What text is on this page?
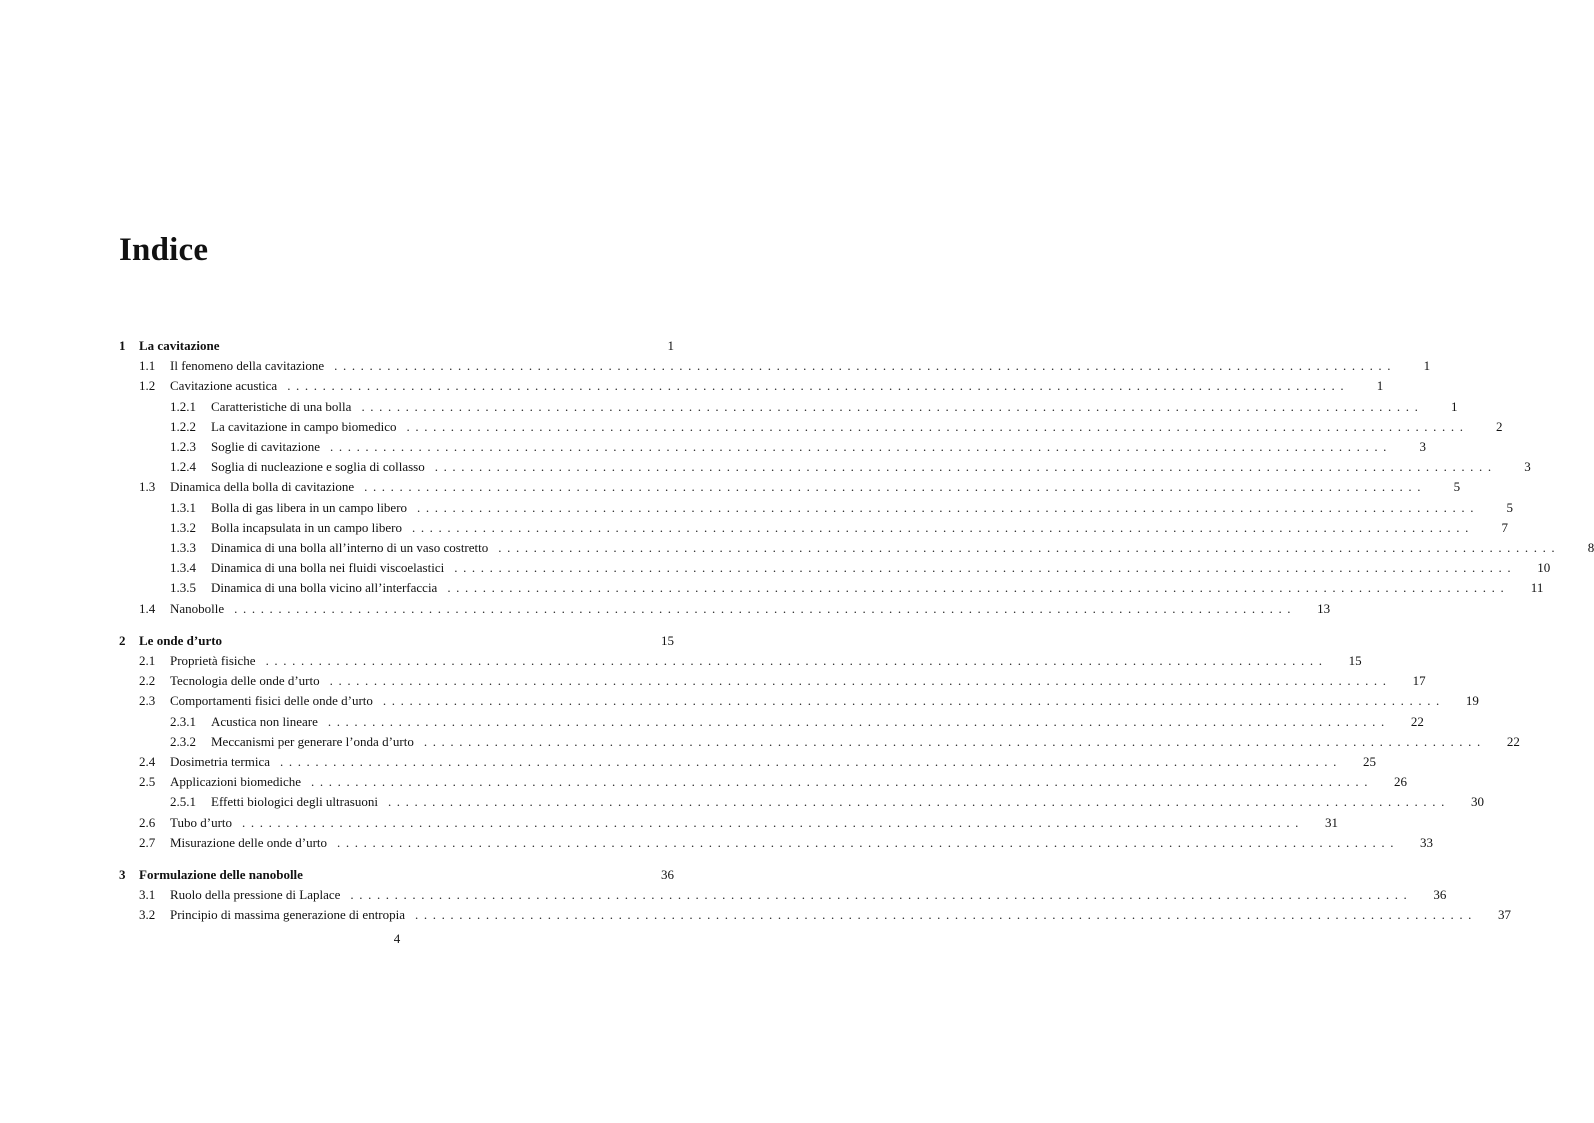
Indice
1	La cavitazione	1
1.1	Il fenomeno della cavitazione ........................................................................................................................	1
1.2	Cavitazione acustica ........................................................................................................................	1
1.2.1	Caratteristiche di una bolla ........................................................................................................................	1
1.2.2	La cavitazione in campo biomedico ........................................................................................................................	2
1.2.3	Soglie di cavitazione ........................................................................................................................	3
1.2.4	Soglia di nucleazione e soglia di collasso ........................................................................................................................	3
1.3	Dinamica della bolla di cavitazione ........................................................................................................................	5
1.3.1	Bolla di gas libera in un campo libero ........................................................................................................................	5
1.3.2	Bolla incapsulata in un campo libero ........................................................................................................................	7
1.3.3	Dinamica di una bolla all’interno di un vaso costretto ........................................................................................................................	8
1.3.4	Dinamica di una bolla nei fluidi viscoelastici ........................................................................................................................	10
1.3.5	Dinamica di una bolla vicino all’interfaccia ........................................................................................................................	11
1.4	Nanobolle ........................................................................................................................	13
2	Le onde d’urto	15
2.1	Proprietà fisiche ........................................................................................................................	15
2.2	Tecnologia delle onde d’urto ........................................................................................................................	17
2.3	Comportamenti fisici delle onde d’urto ........................................................................................................................	19
2.3.1	Acustica non lineare ........................................................................................................................	22
2.3.2	Meccanismi per generare l’onda d’urto ........................................................................................................................	22
2.4	Dosimetria termica ........................................................................................................................	25
2.5	Applicazioni biomediche ........................................................................................................................	26
2.5.1	Effetti biologici degli ultrasuoni ........................................................................................................................	30
2.6	Tubo d’urto ........................................................................................................................	31
2.7	Misurazione delle onde d’urto ........................................................................................................................	33
3	Formulazione delle nanobolle	36
3.1	Ruolo della pressione di Laplace ........................................................................................................................	36
3.2	Principio di massima generazione di entropia ........................................................................................................................	37
4
